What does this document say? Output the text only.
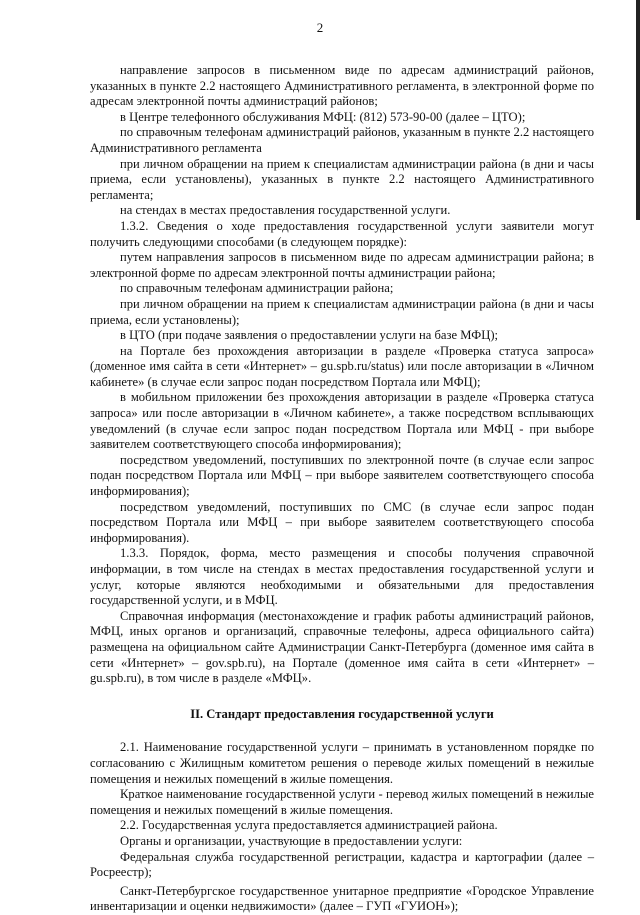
2

направление запросов в письменном виде по адресам администраций районов, указанных в пункте 2.2 настоящего Административного регламента, в электронной форме по адресам электронной почты администраций районов;

в Центре телефонного обслуживания МФЦ: (812) 573-90-00 (далее – ЦТО);

по справочным телефонам администраций районов, указанным в пункте 2.2 настоящего Административного регламента

при личном обращении на прием к специалистам администрации района (в дни и часы приема, если установлены), указанных в пункте 2.2 настоящего Административного регламента;

на стендах в местах предоставления государственной услуги.

1.3.2. Сведения о ходе предоставления государственной услуги заявители могут получить следующими способами (в следующем порядке):

путем направления запросов в письменном виде по адресам администрации района; в электронной форме по адресам электронной почты администрации района;

по справочным телефонам администрации района;

при личном обращении на прием к специалистам администрации района (в дни и часы приема, если установлены);

в ЦТО (при подаче заявления о предоставлении услуги на базе МФЦ);

на Портале без прохождения авторизации в разделе «Проверка статуса запроса» (доменное имя сайта в сети «Интернет» – gu.spb.ru/status) или после авторизации в «Личном кабинете» (в случае если запрос подан посредством Портала или МФЦ);

в мобильном приложении без прохождения авторизации в разделе «Проверка статуса запроса» или после авторизации в «Личном кабинете», а также посредством всплывающих уведомлений (в случае если запрос подан посредством Портала или МФЦ - при выборе заявителем соответствующего способа информирования);

посредством уведомлений, поступивших по электронной почте (в случае если запрос подан посредством Портала или МФЦ – при выборе заявителем соответствующего способа информирования);

посредством уведомлений, поступивших по СМС (в случае если запрос подан посредством Портала или МФЦ – при выборе заявителем соответствующего способа информирования).

1.3.3. Порядок, форма, место размещения и способы получения справочной информации, в том числе на стендах в местах предоставления государственной услуги и услуг, которые являются необходимыми и обязательными для предоставления государственной услуги, и в МФЦ.

Справочная информация (местонахождение и график работы администраций районов, МФЦ, иных органов и организаций, справочные телефоны, адреса официального сайта) размещена на официальном сайте Администрации Санкт-Петербурга (доменное имя сайта в сети «Интернет» – gov.spb.ru), на Портале (доменное имя сайта в сети «Интернет» – gu.spb.ru), в том числе в разделе «МФЦ».

II. Стандарт предоставления государственной услуги

2.1. Наименование государственной услуги – принимать в установленном порядке по согласованию с Жилищным комитетом решения о переводе жилых помещений в нежилые помещения и нежилых помещений в жилые помещения.

Краткое наименование государственной услуги - перевод жилых помещений в нежилые помещения и нежилых помещений в жилые помещения.

2.2. Государственная услуга предоставляется администрацией района.

Органы и организации, участвующие в предоставлении услуги:

Федеральная служба государственной регистрации, кадастра и картографии (далее – Росреестр);

Санкт-Петербургское государственное унитарное предприятие «Городское Управление инвентаризации и оценки недвижимости» (далее – ГУП «ГУИОН»);
